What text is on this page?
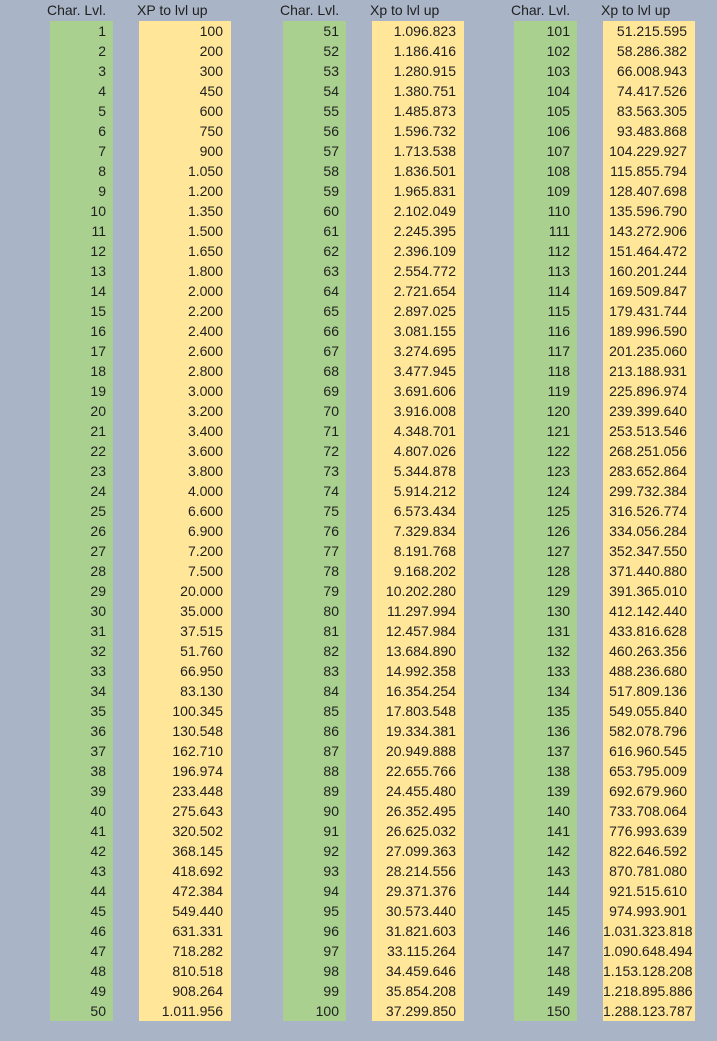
Char. Lvl.	XP to lvl up
1	100
2	200
3	300
4	450
5	600
6	750
7	900
8	1.050
9	1.200
10	1.350
11	1.500
12	1.650
13	1.800
14	2.000
15	2.200
16	2.400
17	2.600
18	2.800
19	3.000
20	3.200
21	3.400
22	3.600
23	3.800
24	4.000
25	6.600
26	6.900
27	7.200
28	7.500
29	20.000
30	35.000
31	37.515
32	51.760
33	66.950
34	83.130
35	100.345
36	130.548
37	162.710
38	196.974
39	233.448
40	275.643
41	320.502
42	368.145
43	418.692
44	472.384
45	549.440
46	631.331
47	718.282
48	810.518
49	908.264
50	1.011.956
Char. Lvl.	Xp to lvl up
51	1.096.823
52	1.186.416
53	1.280.915
54	1.380.751
55	1.485.873
56	1.596.732
57	1.713.538
58	1.836.501
59	1.965.831
60	2.102.049
61	2.245.395
62	2.396.109
63	2.554.772
64	2.721.654
65	2.897.025
66	3.081.155
67	3.274.695
68	3.477.945
69	3.691.606
70	3.916.008
71	4.348.701
72	4.807.026
73	5.344.878
74	5.914.212
75	6.573.434
76	7.329.834
77	8.191.768
78	9.168.202
79	10.202.280
80	11.297.994
81	12.457.984
82	13.684.890
83	14.992.358
84	16.354.254
85	17.803.548
86	19.334.381
87	20.949.888
88	22.655.766
89	24.455.480
90	26.352.495
91	26.625.032
92	27.099.363
93	28.214.556
94	29.371.376
95	30.573.440
96	31.821.603
97	33.115.264
98	34.459.646
99	35.854.208
100	37.299.850
Char. Lvl.	Xp to lvl up
101	51.215.595
102	58.286.382
103	66.008.943
104	74.417.526
105	83.563.305
106	93.483.868
107	104.229.927
108	115.855.794
109	128.407.698
110	135.596.790
111	143.272.906
112	151.464.472
113	160.201.244
114	169.509.847
115	179.431.744
116	189.996.590
117	201.235.060
118	213.188.931
119	225.896.974
120	239.399.640
121	253.513.546
122	268.251.056
123	283.652.864
124	299.732.384
125	316.526.774
126	334.056.284
127	352.347.550
128	371.440.880
129	391.365.010
130	412.142.440
131	433.816.628
132	460.263.356
133	488.236.680
134	517.809.136
135	549.055.840
136	582.078.796
137	616.960.545
138	653.795.009
139	692.679.960
140	733.708.064
141	776.993.639
142	822.646.592
143	870.781.080
144	921.515.610
145	974.993.901
146	1.031.323.818
147	1.090.648.494
148	1.153.128.208
149	1.218.895.886
150	1.288.123.787
